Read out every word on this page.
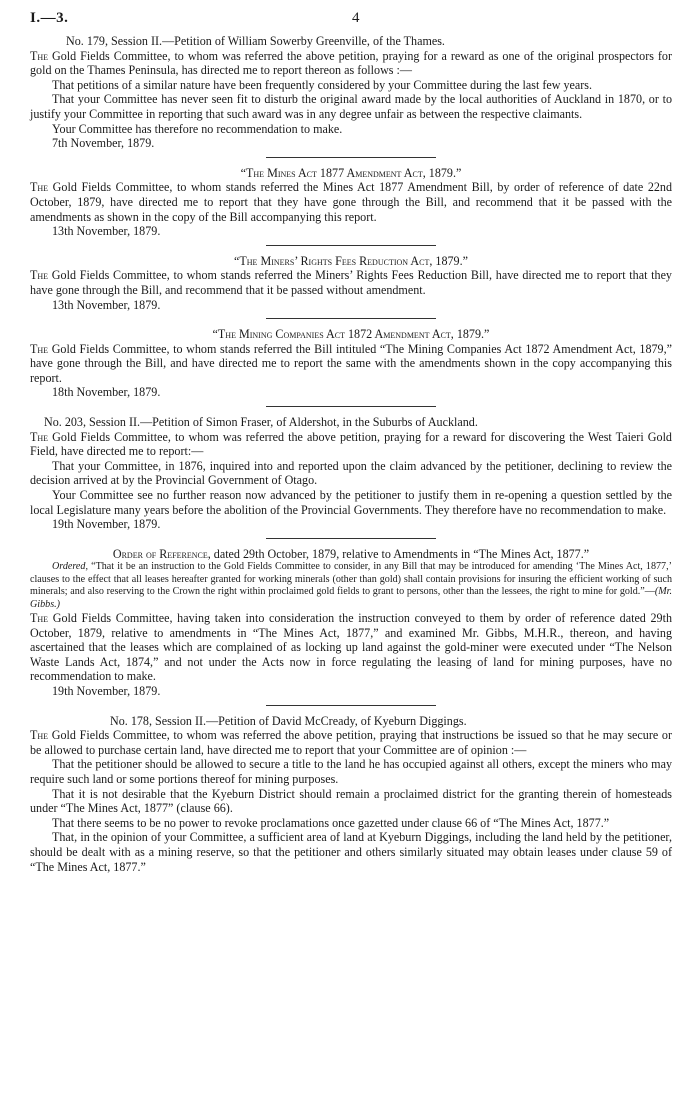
I.—3.	4

No. 179, Session II.—Petition of William Sowerby Greenville, of the Thames.

The Gold Fields Committee, to whom was referred the above petition, praying for a reward as one of the original prospectors for gold on the Thames Peninsula, has directed me to report thereon as follows :—

That petitions of a similar nature have been frequently considered by your Committee during the last few years.

That your Committee has never seen fit to disturb the original award made by the local authorities of Auckland in 1870, or to justify your Committee in reporting that such award was in any degree unfair as between the respective claimants.

Your Committee has therefore no recommendation to make.

7th November, 1879.

“The Mines Act 1877 Amendment Act, 1879.”

The Gold Fields Committee, to whom stands referred the Mines Act 1877 Amendment Bill, by order of reference of date 22nd October, 1879, have directed me to report that they have gone through the Bill, and recommend that it be passed with the amendments as shown in the copy of the Bill accompanying this report.

13th November, 1879.

“The Miners’ Rights Fees Reduction Act, 1879.”

The Gold Fields Committee, to whom stands referred the Miners’ Rights Fees Reduction Bill, have directed me to report that they have gone through the Bill, and recommend that it be passed without amendment.

13th November, 1879.

“The Mining Companies Act 1872 Amendment Act, 1879.”

The Gold Fields Committee, to whom stands referred the Bill intituled “The Mining Companies Act 1872 Amendment Act, 1879,” have gone through the Bill, and have directed me to report the same with the amendments shown in the copy accompanying this report.

18th November, 1879.

No. 203, Session II.—Petition of Simon Fraser, of Aldershot, in the Suburbs of Auckland.

The Gold Fields Committee, to whom was referred the above petition, praying for a reward for discovering the West Taieri Gold Field, have directed me to report:—

That your Committee, in 1876, inquired into and reported upon the claim advanced by the petitioner, declining to review the decision arrived at by the Provincial Government of Otago.

Your Committee see no further reason now advanced by the petitioner to justify them in re-opening a question settled by the local Legislature many years before the abolition of the Provincial Governments. They therefore have no recommendation to make.

19th November, 1879.

Order of Reference, dated 29th October, 1879, relative to Amendments in “The Mines Act, 1877.”

Ordered, “That it be an instruction to the Gold Fields Committee to consider, in any Bill that may be introduced for amending ‘The Mines Act, 1877,’ clauses to the effect that all leases hereafter granted for working minerals (other than gold) shall contain provisions for insuring the efficient working of such minerals; and also reserving to the Crown the right within proclaimed gold fields to grant to persons, other than the lessees, the right to mine for gold.”—(Mr. Gibbs.)

The Gold Fields Committee, having taken into consideration the instruction conveyed to them by order of reference dated 29th October, 1879, relative to amendments in “The Mines Act, 1877,” and examined Mr. Gibbs, M.H.R., thereon, and having ascertained that the leases which are complained of as locking up land against the gold-miner were executed under “The Nelson Waste Lands Act, 1874,” and not under the Acts now in force regulating the leasing of land for mining purposes, have no recommendation to make.

19th November, 1879.

No. 178, Session II.—Petition of David McCready, of Kyeburn Diggings.

The Gold Fields Committee, to whom was referred the above petition, praying that instructions be issued so that he may secure or be allowed to purchase certain land, have directed me to report that your Committee are of opinion :—

That the petitioner should be allowed to secure a title to the land he has occupied against all others, except the miners who may require such land or some portions thereof for mining purposes.

That it is not desirable that the Kyeburn District should remain a proclaimed district for the granting therein of homesteads under “The Mines Act, 1877” (clause 66).

That there seems to be no power to revoke proclamations once gazetted under clause 66 of “The Mines Act, 1877.”

That, in the opinion of your Committee, a sufficient area of land at Kyeburn Diggings, including the land held by the petitioner, should be dealt with as a mining reserve, so that the petitioner and others similarly situated may obtain leases under clause 59 of “The Mines Act, 1877.”
